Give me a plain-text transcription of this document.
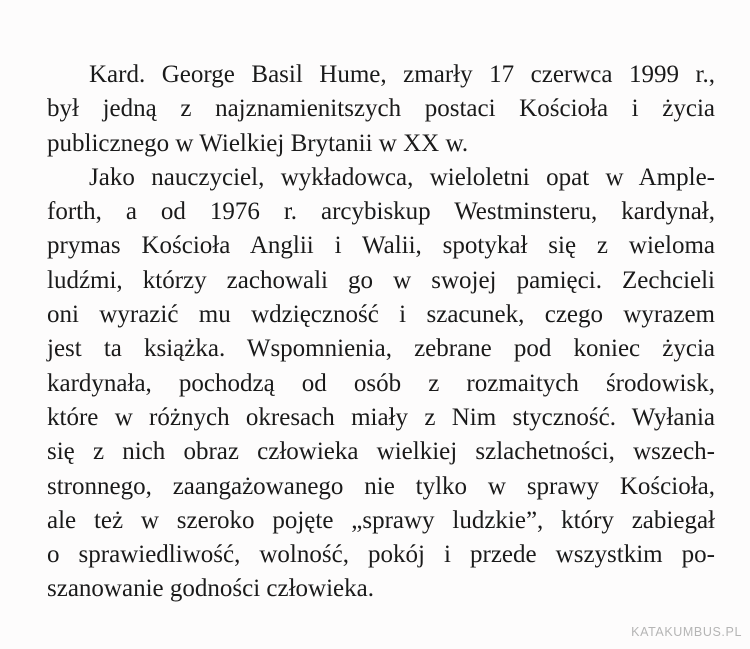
Kard. George Basil Hume, zmarły 17 czerwca 1999 r.,
był jedną z najznamienitszych postaci Kościoła i życia
publicznego w Wielkiej Brytanii w XX w.
Jako nauczyciel, wykładowca, wieloletni opat w Ample-
forth, a od 1976 r. arcybiskup Westminsteru, kardynał,
prymas Kościoła Anglii i Walii, spotykał się z wieloma
ludźmi, którzy zachowali go w swojej pamięci. Zechcieli
oni wyrazić mu wdzięczność i szacunek, czego wyrazem
jest ta książka. Wspomnienia, zebrane pod koniec życia
kardynała, pochodzą od osób z rozmaitych środowisk,
które w różnych okresach miały z Nim styczność. Wyłania
się z nich obraz człowieka wielkiej szlachetności, wszech-
stronnego, zaangażowanego nie tylko w sprawy Kościoła,
ale też w szeroko pojęte „sprawy ludzkie”, który zabiegał
o sprawiedliwość, wolność, pokój i przede wszystkim po-
szanowanie godności człowieka.
KATAKUMBUS.PL
